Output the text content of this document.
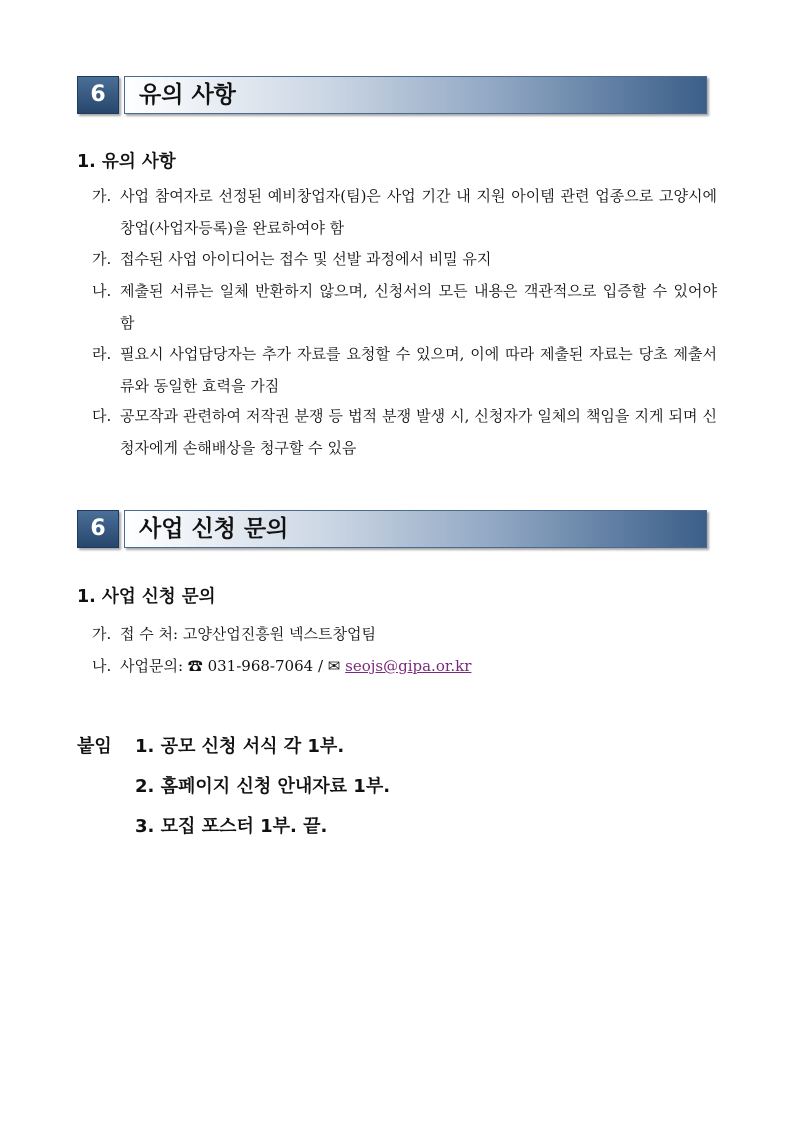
6	유의 사항
1. 유의 사항
가. 사업 참여자로 선정된 예비창업자(팀)은 사업 기간 내 지원 아이템 관련 업종으로 고양시에 창업(사업자등록)을 완료하여야 함
가. 접수된 사업 아이디어는 접수 및 선발 과정에서 비밀 유지
나. 제출된 서류는 일체 반환하지 않으며, 신청서의 모든 내용은 객관적으로 입증할 수 있어야 함
라. 필요시 사업담당자는 추가 자료를 요청할 수 있으며, 이에 따라 제출된 자료는 당초 제출서류와 동일한 효력을 가짐
다. 공모작과 관련하여 저작권 분쟁 등 법적 분쟁 발생 시, 신청자가 일체의 책임을 지게 되며 신청자에게 손해배상을 청구할 수 있음
6	사업 신청 문의
1. 사업 신청 문의
가. 접 수 처: 고양산업진흥원 넥스트창업팀
나. 사업문의: ☎ 031-968-7064 / ✉ seojs@gipa.or.kr
붙임 1. 공모 신청 서식 각 1부.
2. 홈페이지 신청 안내자료 1부.
3. 모집 포스터 1부. 끝.
